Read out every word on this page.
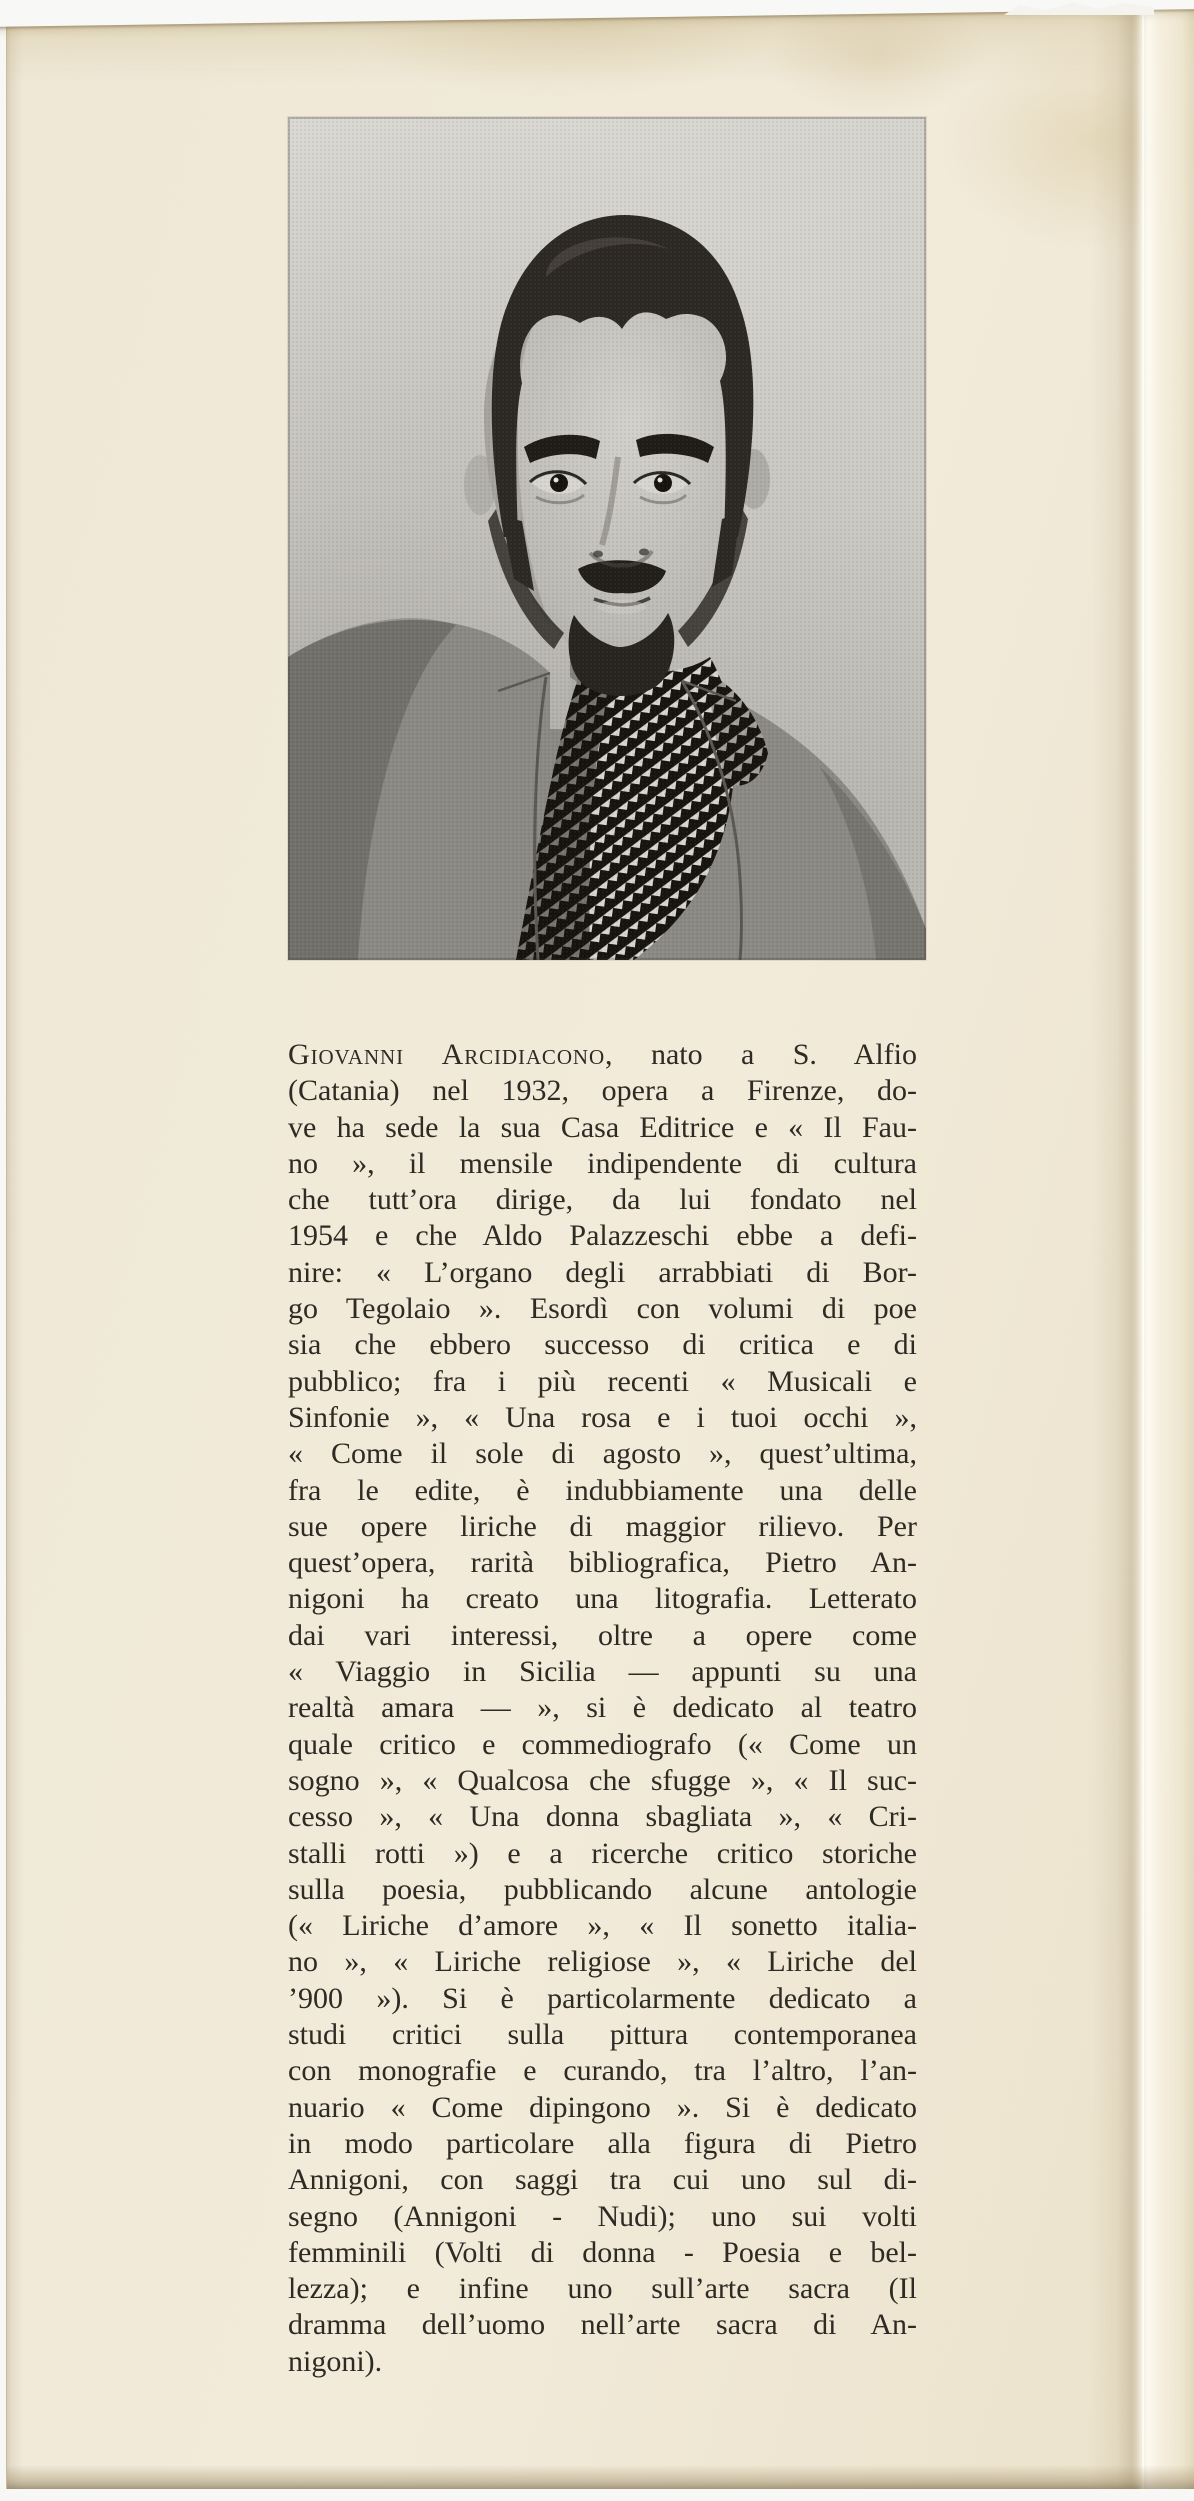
Giovanni Arcidiacono, nato a S. Alfio
(Catania) nel 1932, opera a Firenze, do-
ve ha sede la sua Casa Editrice e « Il Fau-
no », il mensile indipendente di cultura
che tutt’ora dirige, da lui fondato nel
1954 e che Aldo Palazzeschi ebbe a defi-
nire: « L’organo degli arrabbiati di Bor-
go Tegolaio ». Esordì con volumi di poe
sia che ebbero successo di critica e di
pubblico; fra i più recenti « Musicali e
Sinfonie », « Una rosa e i tuoi occhi »,
« Come il sole di agosto », quest’ultima,
fra le edite, è indubbiamente una delle
sue opere liriche di maggior rilievo. Per
quest’opera, rarità bibliografica, Pietro An-
nigoni ha creato una litografia. Letterato
dai vari interessi, oltre a opere come
« Viaggio in Sicilia — appunti su una
realtà amara — », si è dedicato al teatro
quale critico e commediografo (« Come un
sogno », « Qualcosa che sfugge », « Il suc-
cesso », « Una donna sbagliata », « Cri-
stalli rotti ») e a ricerche critico storiche
sulla poesia, pubblicando alcune antologie
(« Liriche d’amore », « Il sonetto italia-
no », « Liriche religiose », « Liriche del
’900 »). Si è particolarmente dedicato a
studi critici sulla pittura contemporanea
con monografie e curando, tra l’altro, l’an-
nuario « Come dipingono ». Si è dedicato
in modo particolare alla figura di Pietro
Annigoni, con saggi tra cui uno sul di-
segno (Annigoni - Nudi); uno sui volti
femminili (Volti di donna - Poesia e bel-
lezza); e infine uno sull’arte sacra (Il
dramma dell’uomo nell’arte sacra di An-
nigoni).
